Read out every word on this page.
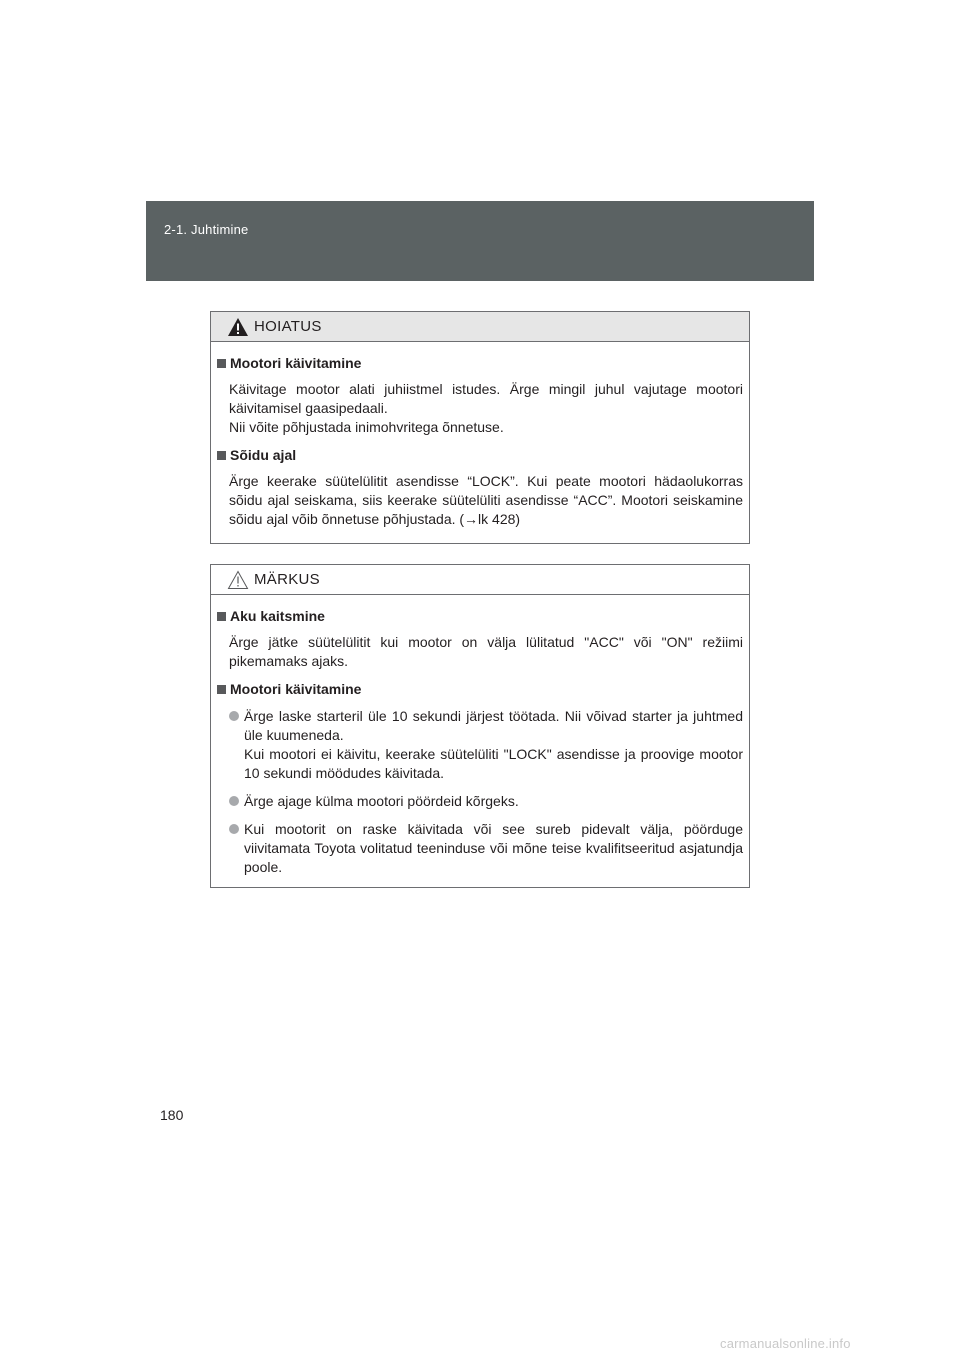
2-1. Juhtimine
HOIATUS
Mootori käivitamine

Käivitage mootor alati juhiistmel istudes. Ärge mingil juhul vajutage mootori käivitamisel gaasipedaali.

Nii võite põhjustada inimohvritega õnnetuse.

Sõidu ajal

Ärge keerake süütelülitit asendisse “LOCK”. Kui peate mootori hädaolukorras sõidu ajal seiskama, siis keerake süütelüliti asendisse “ACC”. Mootori seiskamine sõidu ajal võib õnnetuse põhjustada. (→lk 428)

MÄRKUS
Aku kaitsmine

Ärge jätke süütelülitit kui mootor on välja lülitatud "ACC" või "ON" režiimi pikemamaks ajaks.

Mootori käivitamine

Ärge laske starteril üle 10 sekundi järjest töötada. Nii võivad starter ja juhtmed üle kuumeneda.

Kui mootori ei käivitu, keerake süütelüliti "LOCK" asendisse ja proovige mootor 10 sekundi möödudes käivitada.

Ärge ajage külma mootori pöördeid kõrgeks.

Kui mootorit on raske käivitada või see sureb pidevalt välja, pöörduge viivitamata Toyota volitatud teeninduse või mõne teise kvalifitseeritud asjatundja poole.

180
carmanualsonline.info
